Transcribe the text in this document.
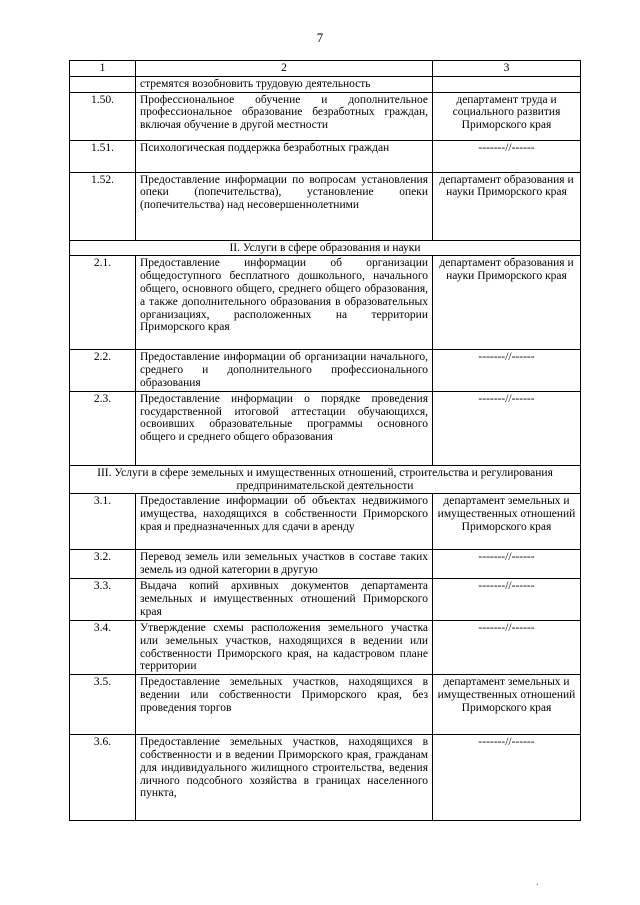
7
1	2	3
	стремятся возобновить трудовую деятельность	
1.50.	Профессиональное обучение и дополнительное профессиональное образование безработных граждан, включая обучение в другой местности	департамент труда и социального развития Приморского края
1.51.	Психологическая поддержка безработных граждан	-------//------
1.52.	Предоставление информации по вопросам установления опеки (попечительства), установление опеки (попечительства) над несовершеннолетними	департамент образования и науки Приморского края
II. Услуги в сфере образования и науки		
2.1.	Предоставление информации об организации общедоступного бесплатного дошкольного, начального общего, основного общего, среднего общего образования, а также дополнительного образования в образовательных организациях, расположенных на территории Приморского края	департамент образования и науки Приморского края
2.2.	Предоставление информации об организации начального, среднего и дополнительного профессионального образования	-------//------
2.3.	Предоставление информации о порядке проведения государственной итоговой аттестации обучающихся, освоивших образовательные программы основного общего и среднего общего образования	-------//------
III. Услуги в сфере земельных и имущественных отношений, строительства и регулирования предпринимательской деятельности		
3.1.	Предоставление информации об объектах недвижимого имущества, находящихся в собственности Приморского края и предназначенных для сдачи в аренду	департамент земельных и имущественных отношений Приморского края
3.2.	Перевод земель или земельных участков в составе таких земель из одной категории в другую	-------//------
3.3.	Выдача копий архивных документов департамента земельных и имущественных отношений Приморского края	-------//------
3.4.	Утверждение схемы расположения земельного участка или земельных участков, находящихся в ведении или собственности Приморского края, на кадастровом плане территории	-------//------
3.5.	Предоставление земельных участков, находящихся в ведении или собственности Приморского края, без проведения торгов	департамент земельных и имущественных отношений Приморского края
3.6.	Предоставление земельных участков, находящихся в собственности и в ведении Приморского края, гражданам для индивидуального жилищного строительства, ведения личного подсобного хозяйства в границах населенного пункта,	-------//------
.
